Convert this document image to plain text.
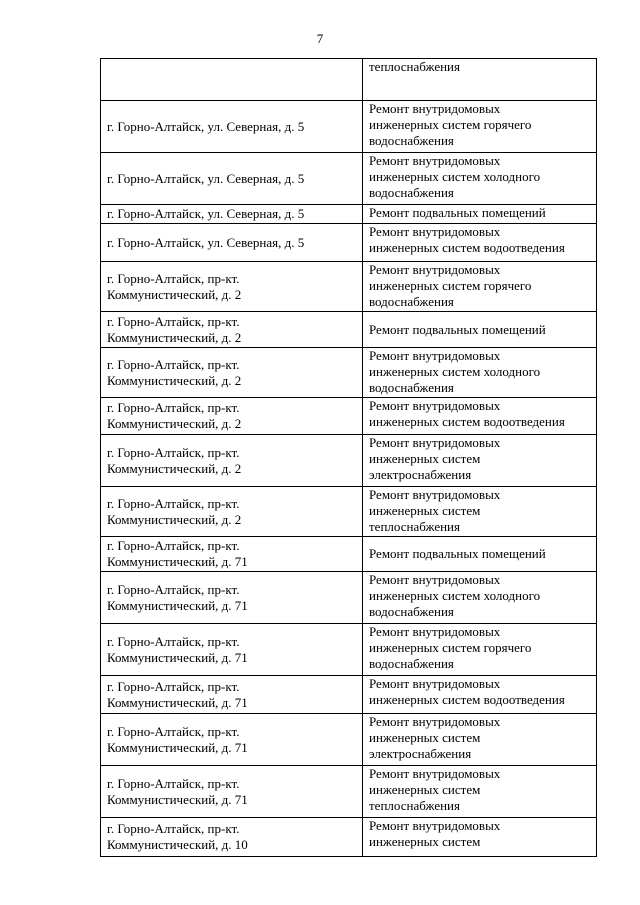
7
	теплоснабжения
г. Горно-Алтайск, ул. Северная, д. 5	Ремонт внутридомовых
инженерных систем горячего
водоснабжения
г. Горно-Алтайск, ул. Северная, д. 5	Ремонт внутридомовых
инженерных систем холодного
водоснабжения
г. Горно-Алтайск, ул. Северная, д. 5	Ремонт подвальных помещений
г. Горно-Алтайск, ул. Северная, д. 5	Ремонт внутридомовых
инженерных систем водоотведения
г. Горно-Алтайск, пр-кт.
Коммунистический, д. 2	Ремонт внутридомовых
инженерных систем горячего
водоснабжения
г. Горно-Алтайск, пр-кт.
Коммунистический, д. 2	Ремонт подвальных помещений
г. Горно-Алтайск, пр-кт.
Коммунистический, д. 2	Ремонт внутридомовых
инженерных систем холодного
водоснабжения
г. Горно-Алтайск, пр-кт.
Коммунистический, д. 2	Ремонт внутридомовых
инженерных систем водоотведения
г. Горно-Алтайск, пр-кт.
Коммунистический, д. 2	Ремонт внутридомовых
инженерных систем
электроснабжения
г. Горно-Алтайск, пр-кт.
Коммунистический, д. 2	Ремонт внутридомовых
инженерных систем
теплоснабжения
г. Горно-Алтайск, пр-кт.
Коммунистический, д. 71	Ремонт подвальных помещений
г. Горно-Алтайск, пр-кт.
Коммунистический, д. 71	Ремонт внутридомовых
инженерных систем холодного
водоснабжения
г. Горно-Алтайск, пр-кт.
Коммунистический, д. 71	Ремонт внутридомовых
инженерных систем горячего
водоснабжения
г. Горно-Алтайск, пр-кт.
Коммунистический, д. 71	Ремонт внутридомовых
инженерных систем водоотведения
г. Горно-Алтайск, пр-кт.
Коммунистический, д. 71	Ремонт внутридомовых
инженерных систем
электроснабжения
г. Горно-Алтайск, пр-кт.
Коммунистический, д. 71	Ремонт внутридомовых
инженерных систем
теплоснабжения
г. Горно-Алтайск, пр-кт.
Коммунистический, д. 10	Ремонт внутридомовых
инженерных систем
